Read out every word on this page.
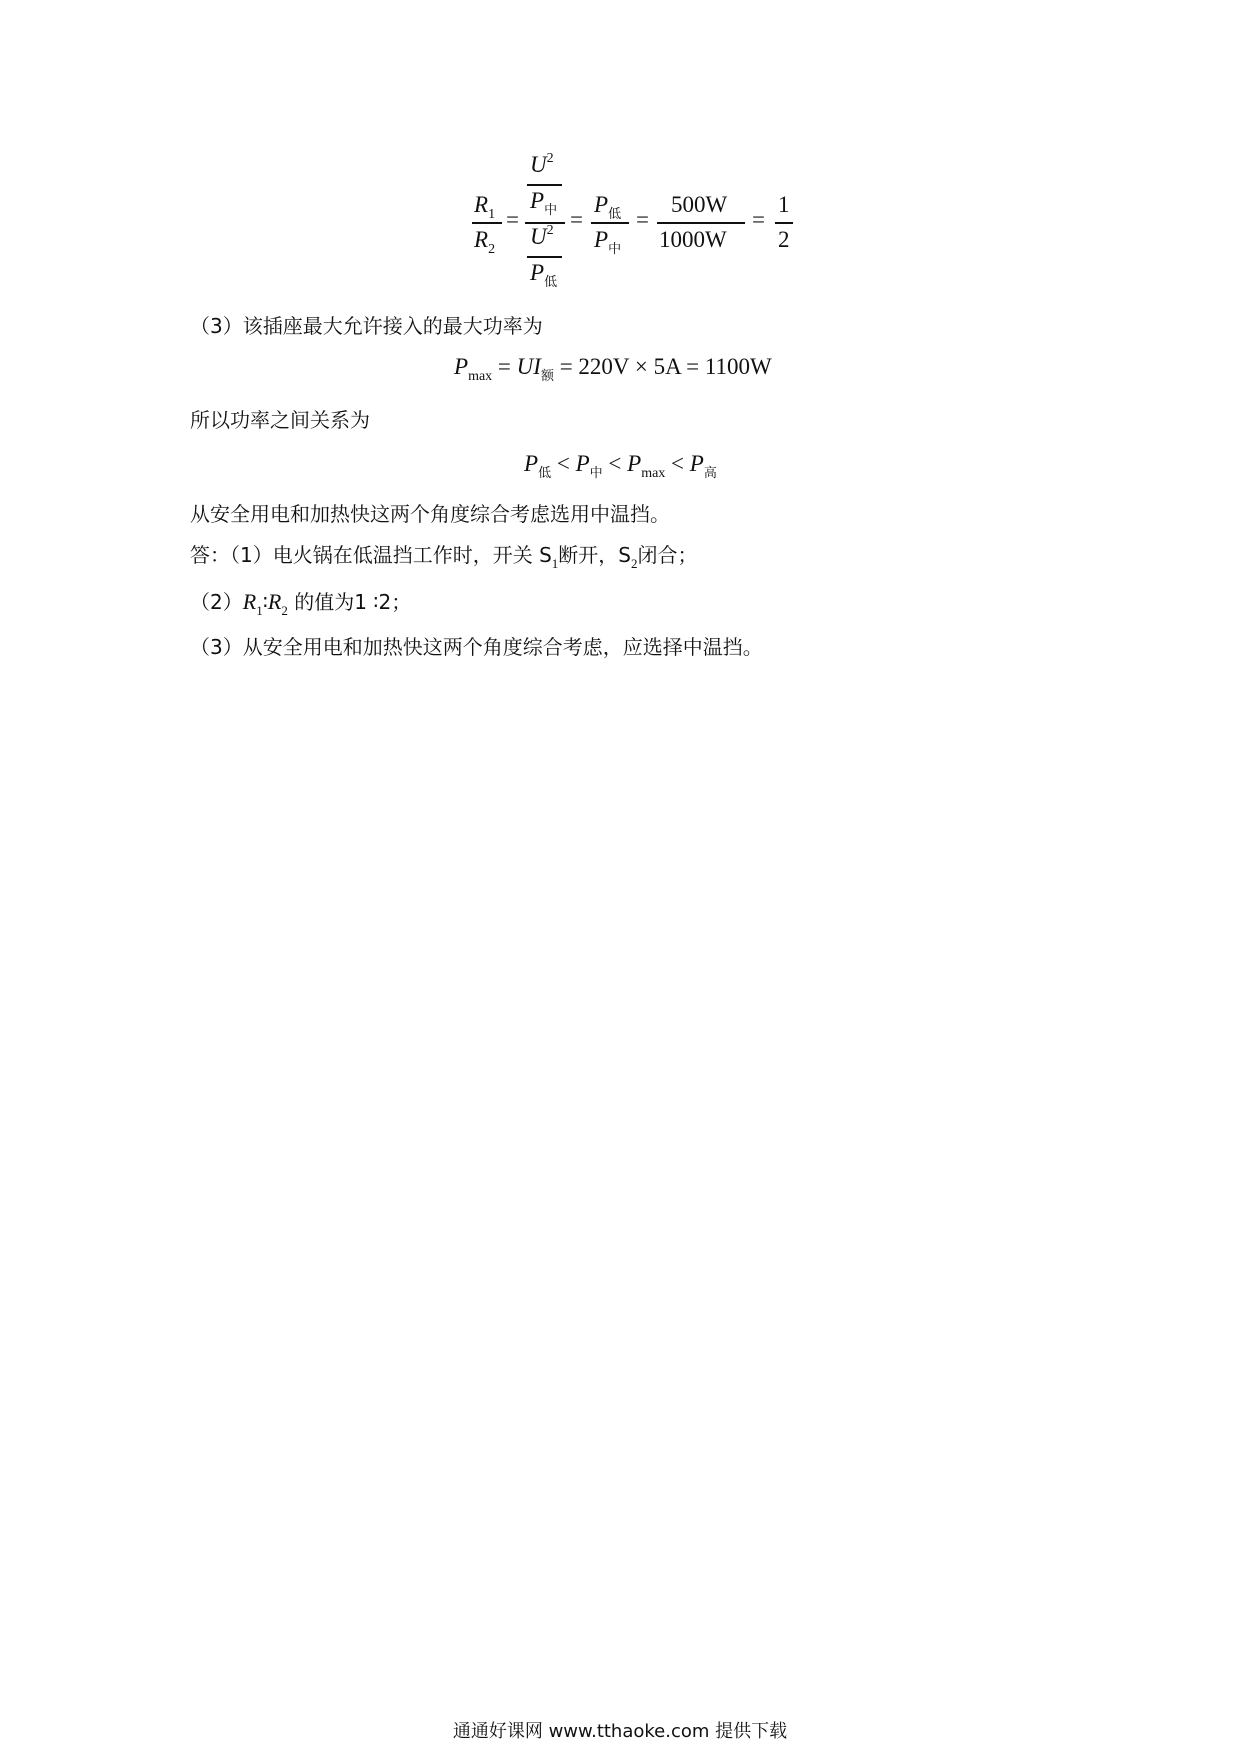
$R_1$
$R_2$
=
$U^2$
$P_中$
$U^2$
$P_低$
=
$P_低$
$P_中$
=
500W
1000W
=
1
2
（3）该插座最大允许接入的最大功率为
$P_{max} = UI_额 = 220V \times 5A = 1100W$
所以功率之间关系为
$P_低 < P_中 < P_{max} < P_高$
从安全用电和加热快这两个角度综合考虑选用中温挡。
答：（1）电火锅在低温挡工作时，开关 $S_1$断开，$S_2$闭合；
$(2)R_1∶R_2$ 的值为1 ∶2；
（3）从安全用电和加热快这两个角度综合考虑，应选择中温挡。
通通好课网 www.tthaoke.com 提供下载
